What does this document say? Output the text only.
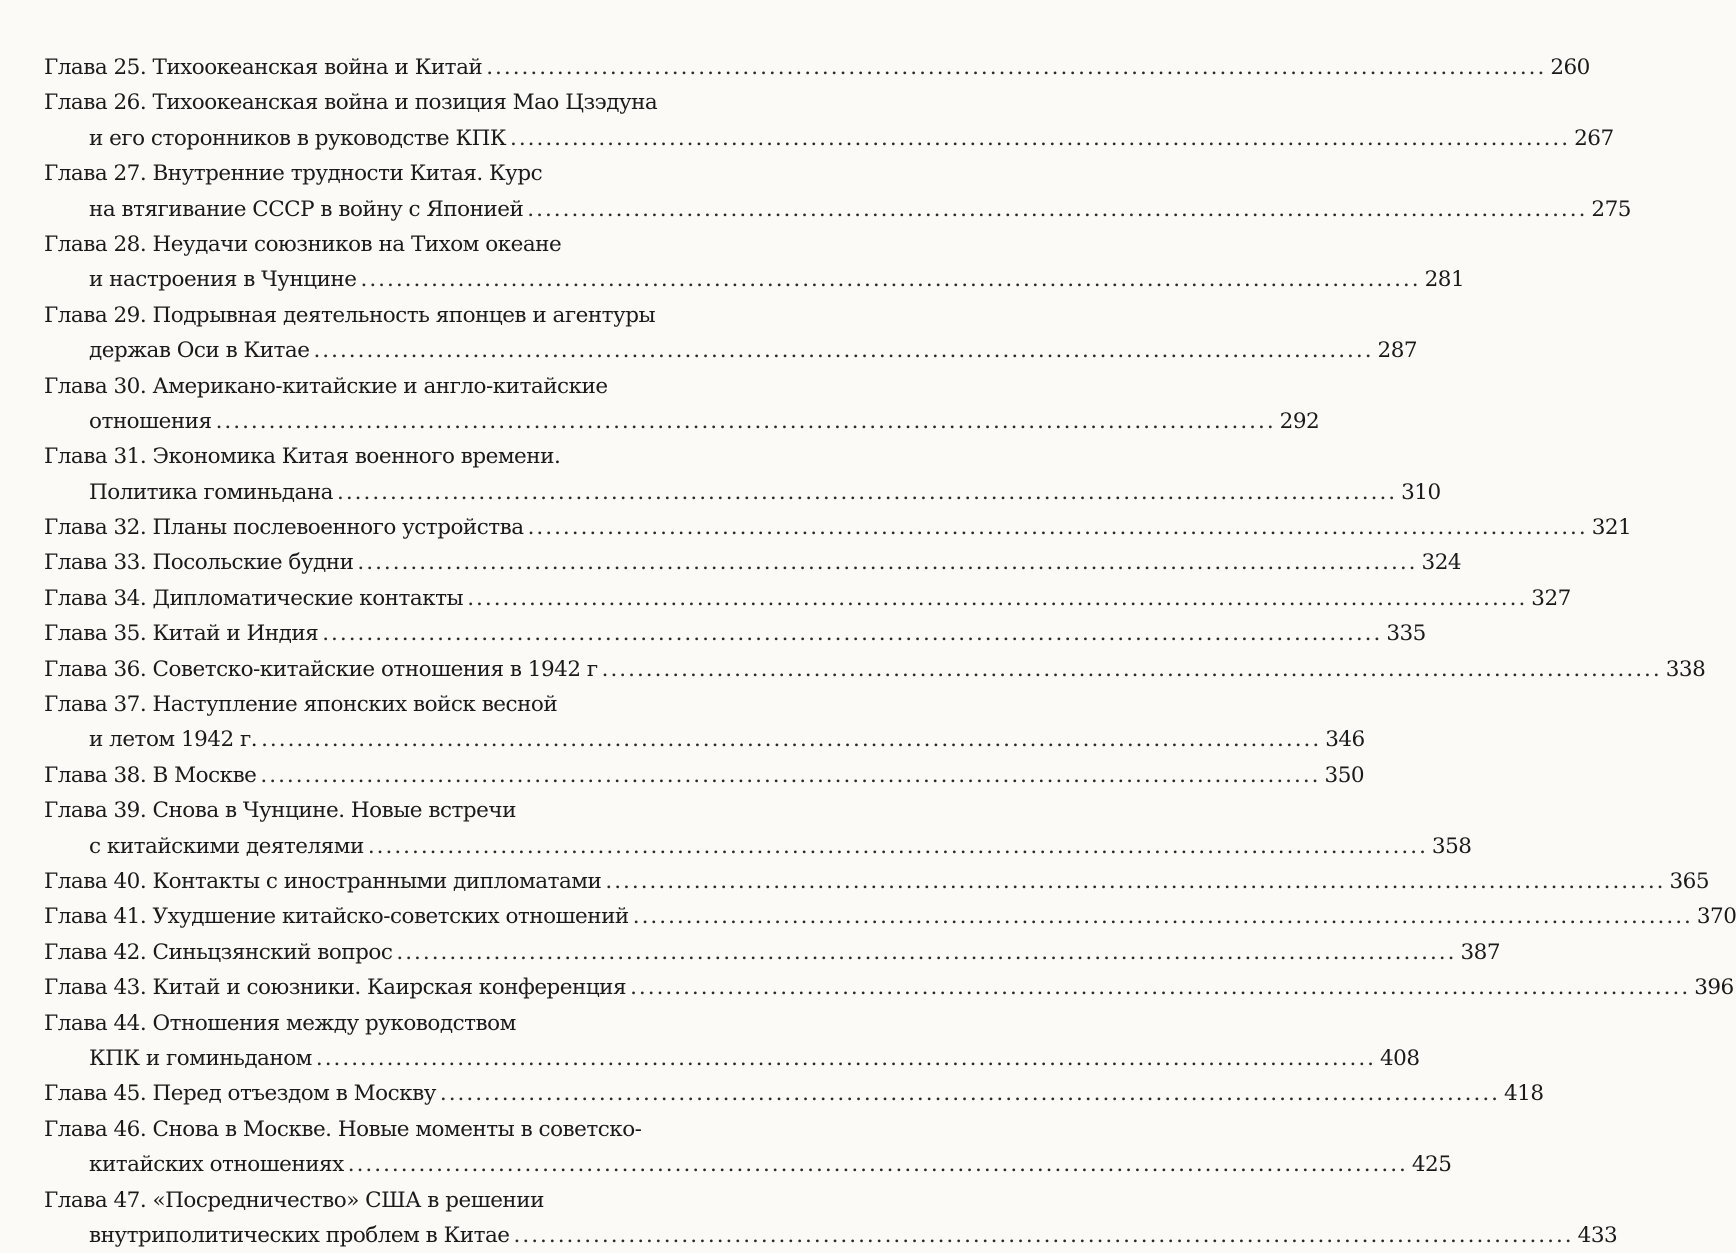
Глава 25. Тихоокеанская война и Китай ........................................................................................................................ 260
Глава 26. Тихоокеанская война и позиция Мао Цзэдуна
и его сторонников в руководстве КПК ........................................................................................................................ 267
Глава 27. Внутренние трудности Китая. Курс
на втягивание СССР в войну с Японией ........................................................................................................................ 275
Глава 28. Неудачи союзников на Тихом океане
и настроения в Чунцине ........................................................................................................................ 281
Глава 29. Подрывная деятельность японцев и агентуры
держав Оси в Китае ........................................................................................................................ 287
Глава 30. Американо-китайские и англо-китайские
отношения ........................................................................................................................ 292
Глава 31. Экономика Китая военного времени.
Политика гоминьдана ........................................................................................................................ 310
Глава 32. Планы послевоенного устройства ........................................................................................................................ 321
Глава 33. Посольские будни ........................................................................................................................ 324
Глава 34. Дипломатические контакты ........................................................................................................................ 327
Глава 35. Китай и Индия ........................................................................................................................ 335
Глава 36. Советско-китайские отношения в 1942 г ........................................................................................................................ 338
Глава 37. Наступление японских войск весной
и летом 1942 г. ........................................................................................................................ 346
Глава 38. В Москве ........................................................................................................................ 350
Глава 39. Снова в Чунцине. Новые встречи
с китайскими деятелями ........................................................................................................................ 358
Глава 40. Контакты с иностранными дипломатами ........................................................................................................................ 365
Глава 41. Ухудшение китайско-советских отношений ........................................................................................................................ 370
Глава 42. Синьцзянский вопрос ........................................................................................................................ 387
Глава 43. Китай и союзники. Каирская конференция ........................................................................................................................ 396
Глава 44. Отношения между руководством
КПК и гоминьданом ........................................................................................................................ 408
Глава 45. Перед отъездом в Москву ........................................................................................................................ 418
Глава 46. Снова в Москве. Новые моменты в советско-
китайских отношениях ........................................................................................................................ 425
Глава 47. «Посредничество» США в решении
внутриполитических проблем в Китае ........................................................................................................................ 433
